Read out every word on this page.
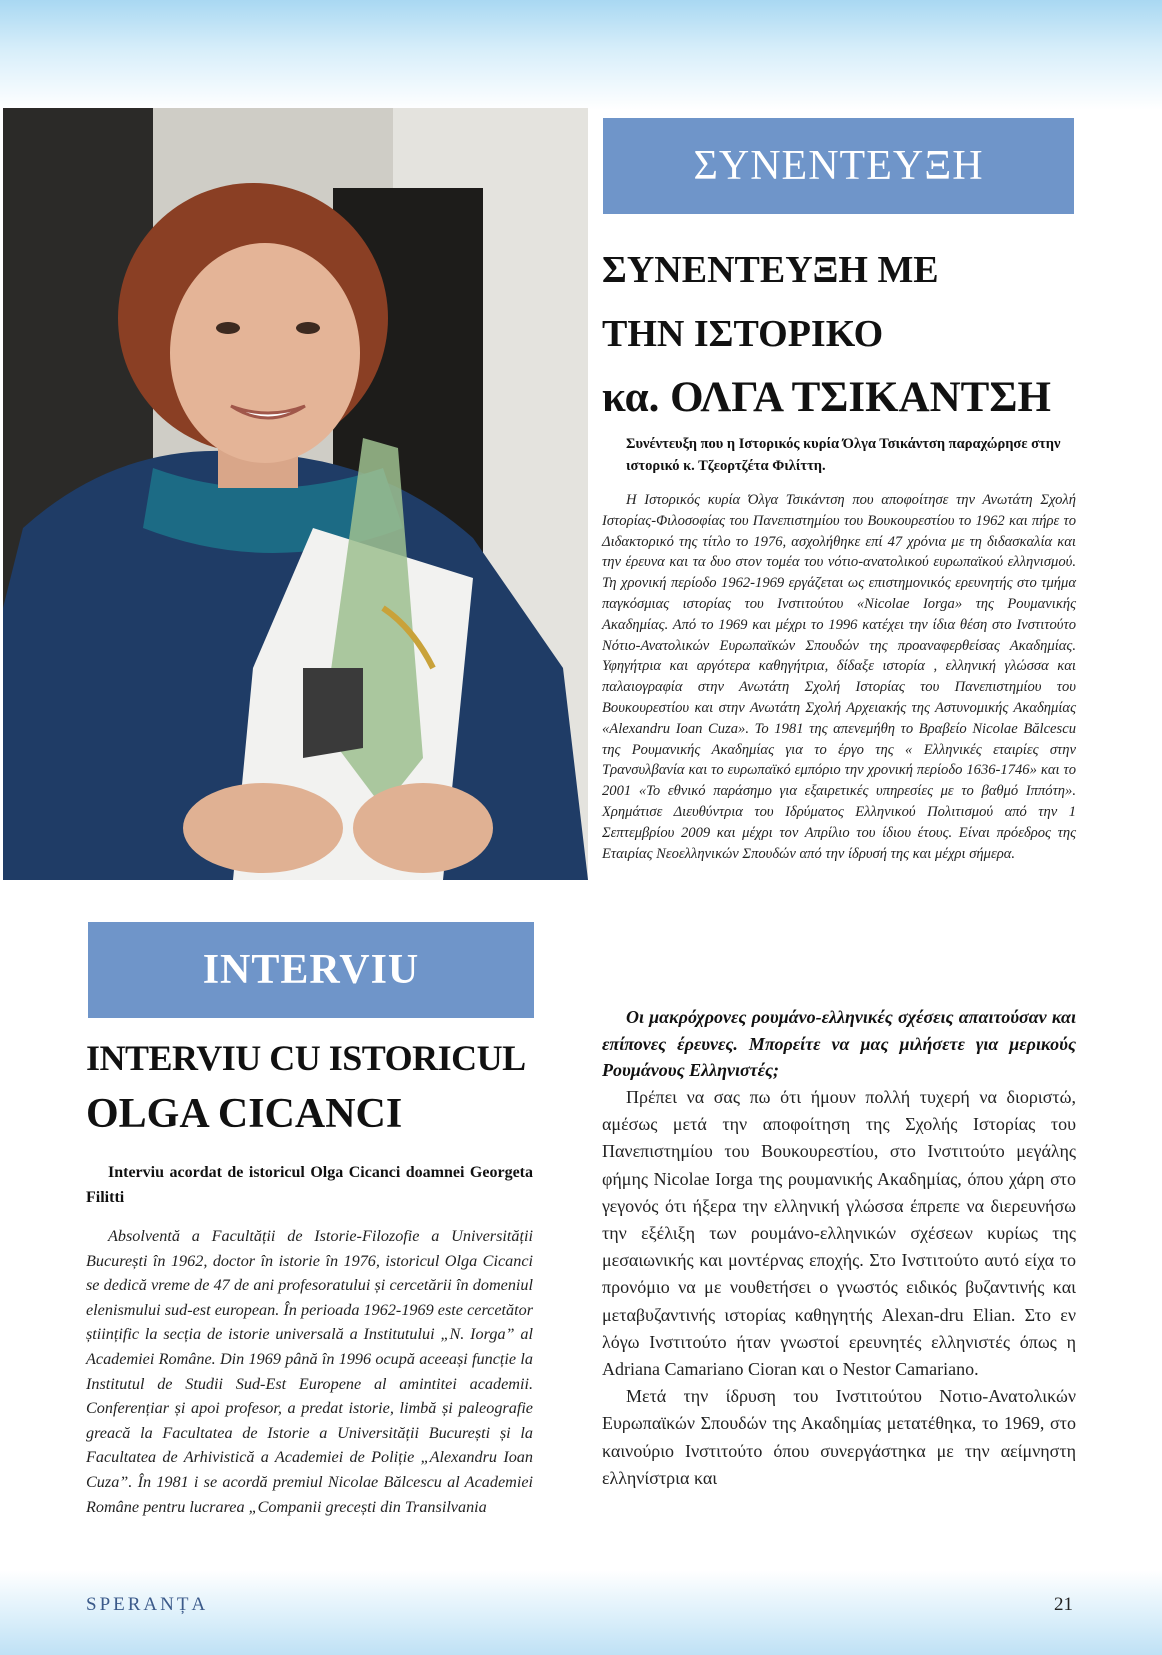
ΣΥΝΕΝΤΕΥΞΗ
ΣΥΝΕΝΤΕΥΞΗ ΜΕ
ΤΗΝ ΙΣΤΟΡΙΚΟ
κα. ΟΛΓΑ ΤΣΙΚΑΝΤΣΗ

Συνέντευξη που η Ιστορικός κυρία Όλγα Τσικάντση παραχώρησε στην ιστορικό κ. Τζεορτζέτα Φιλίττη.

Η Ιστορικός κυρία Όλγα Τσικάντση που αποφοίτησε την Ανωτάτη Σχολή Ιστορίας-Φιλοσοφίας του Πανεπιστημίου του Βουκουρεστίου το 1962 και πήρε το Διδακτορικό της τίτλο το 1976, ασχολήθηκε επί 47 χρόνια με τη διδασκαλία και την έρευνα και τα δυο στον τομέα του νότιο-ανατολικού ευρωπαϊκού ελληνισμού. Τη χρονική περίοδο 1962-1969 εργάζεται ως επιστημονικός ερευνητής στο τμήμα παγκόσμιας ιστορίας του Ινστιτούτου «Nicolae Iorga» της Ρουμανικής Ακαδημίας. Από το 1969 και μέχρι το 1996 κατέχει την ίδια θέση στο Ινστιτούτο Νότιο-Ανατολικών Ευρωπαϊκών Σπουδών της προαναφερθείσας Ακαδημίας. Υφηγήτρια και αργότερα καθηγήτρια, δίδαξε ιστορία , ελληνική γλώσσα και παλαιογραφία στην Ανωτάτη Σχολή Ιστορίας του Πανεπιστημίου του Βουκουρεστίου και στην Ανωτάτη Σχολή Αρχειακής της Αστυνομικής Ακαδημίας «Alexandru Ioan Cuza». Το 1981 της απενεμήθη το Βραβείο Nicolae Bălcescu της Ρουμανικής Ακαδημίας για το έργο της « Ελληνικές εταιρίες στην Τρανσυλβανία και το ευρωπαϊκό εμπόριο την χρονική περίοδο 1636-1746» και το 2001 «Το εθνικό παράσημο για εξαιρετικές υπηρεσίες με το βαθμό Ιππότη». Χρημάτισε Διευθύντρια του Ιδρύματος Ελληνικού Πολιτισμού από την 1 Σεπτεμβρίου 2009 και μέχρι τον Απρίλιο του ίδιου έτους. Είναι πρόεδρος της Εταιρίας Νεοελληνικών Σπουδών από την ίδρυσή της και μέχρι σήμερα.

Οι μακρόχρονες ρουμάνο-ελληνικές σχέσεις απαιτούσαν και επίπονες έρευνες. Μπορείτε να μας μιλήσετε για μερικούς Ρουμάνους Ελληνιστές;

Πρέπει να σας πω ότι ήμουν πολλή τυχερή να διοριστώ, αμέσως μετά την αποφοίτηση της Σχολής Ιστορίας του Πανεπιστημίου του Βουκουρεστίου, στο Ινστιτούτο μεγάλης φήμης Nicolae Iorga της ρουμανικής Ακαδημίας, όπου χάρη στο γεγονός ότι ήξερα την ελληνική γλώσσα έπρεπε να διερευνήσω την εξέλιξη των ρουμάνο-ελληνικών σχέσεων κυρίως της μεσαιωνικής και μοντέρνας εποχής. Στο Ινστιτούτο αυτό είχα το προνόμιο να με νουθετήσει ο γνωστός ειδικός βυζαντινής και μεταβυζαντινής ιστορίας καθηγητής Alexan-dru Elian. Στο εν λόγω Ινστιτούτο ήταν γνωστοί ερευνητές ελληνιστές όπως η Adriana Camariano Cioran και ο Nestor Camariano.

Μετά την ίδρυση του Ινστιτούτου Νοτιο-Ανατολικών Ευρωπαϊκών Σπουδών της Ακαδημίας μετατέθηκα, το 1969, στο καινούριο Ινστιτούτο όπου συνεργάστηκα με την αείμνηστη ελληνίστρια και

INTERVIU
INTERVIU CU ISTORICUL
OLGA CICANCI

Interviu acordat de istoricul Olga Cicanci doamnei Georgeta Filitti

Absolventă a Facultății de Istorie-Filozofie a Universității București în 1962, doctor în istorie în 1976, istoricul Olga Cicanci se dedică vreme de 47 de ani profesoratului și cercetării în domeniul elenismului sud-est european. În perioada 1962-1969 este cercetător științific la secția de istorie universală a Institutului „N. Iorga” al Academiei Române. Din 1969 până în 1996 ocupă aceeași funcție la Institutul de Studii Sud-Est Europene al amintitei academii. Conferențiar și apoi profesor, a predat istorie, limbă și paleografie greacă la Facultatea de Istorie a Universității București și la Facultatea de Arhivistică a Academiei de Poliție „Alexandru Ioan Cuza”. În 1981 i se acordă premiul Nicolae Bălcescu al Academiei Române pentru lucrarea „Companii grecești din Transilvania

SPERANȚA	21
